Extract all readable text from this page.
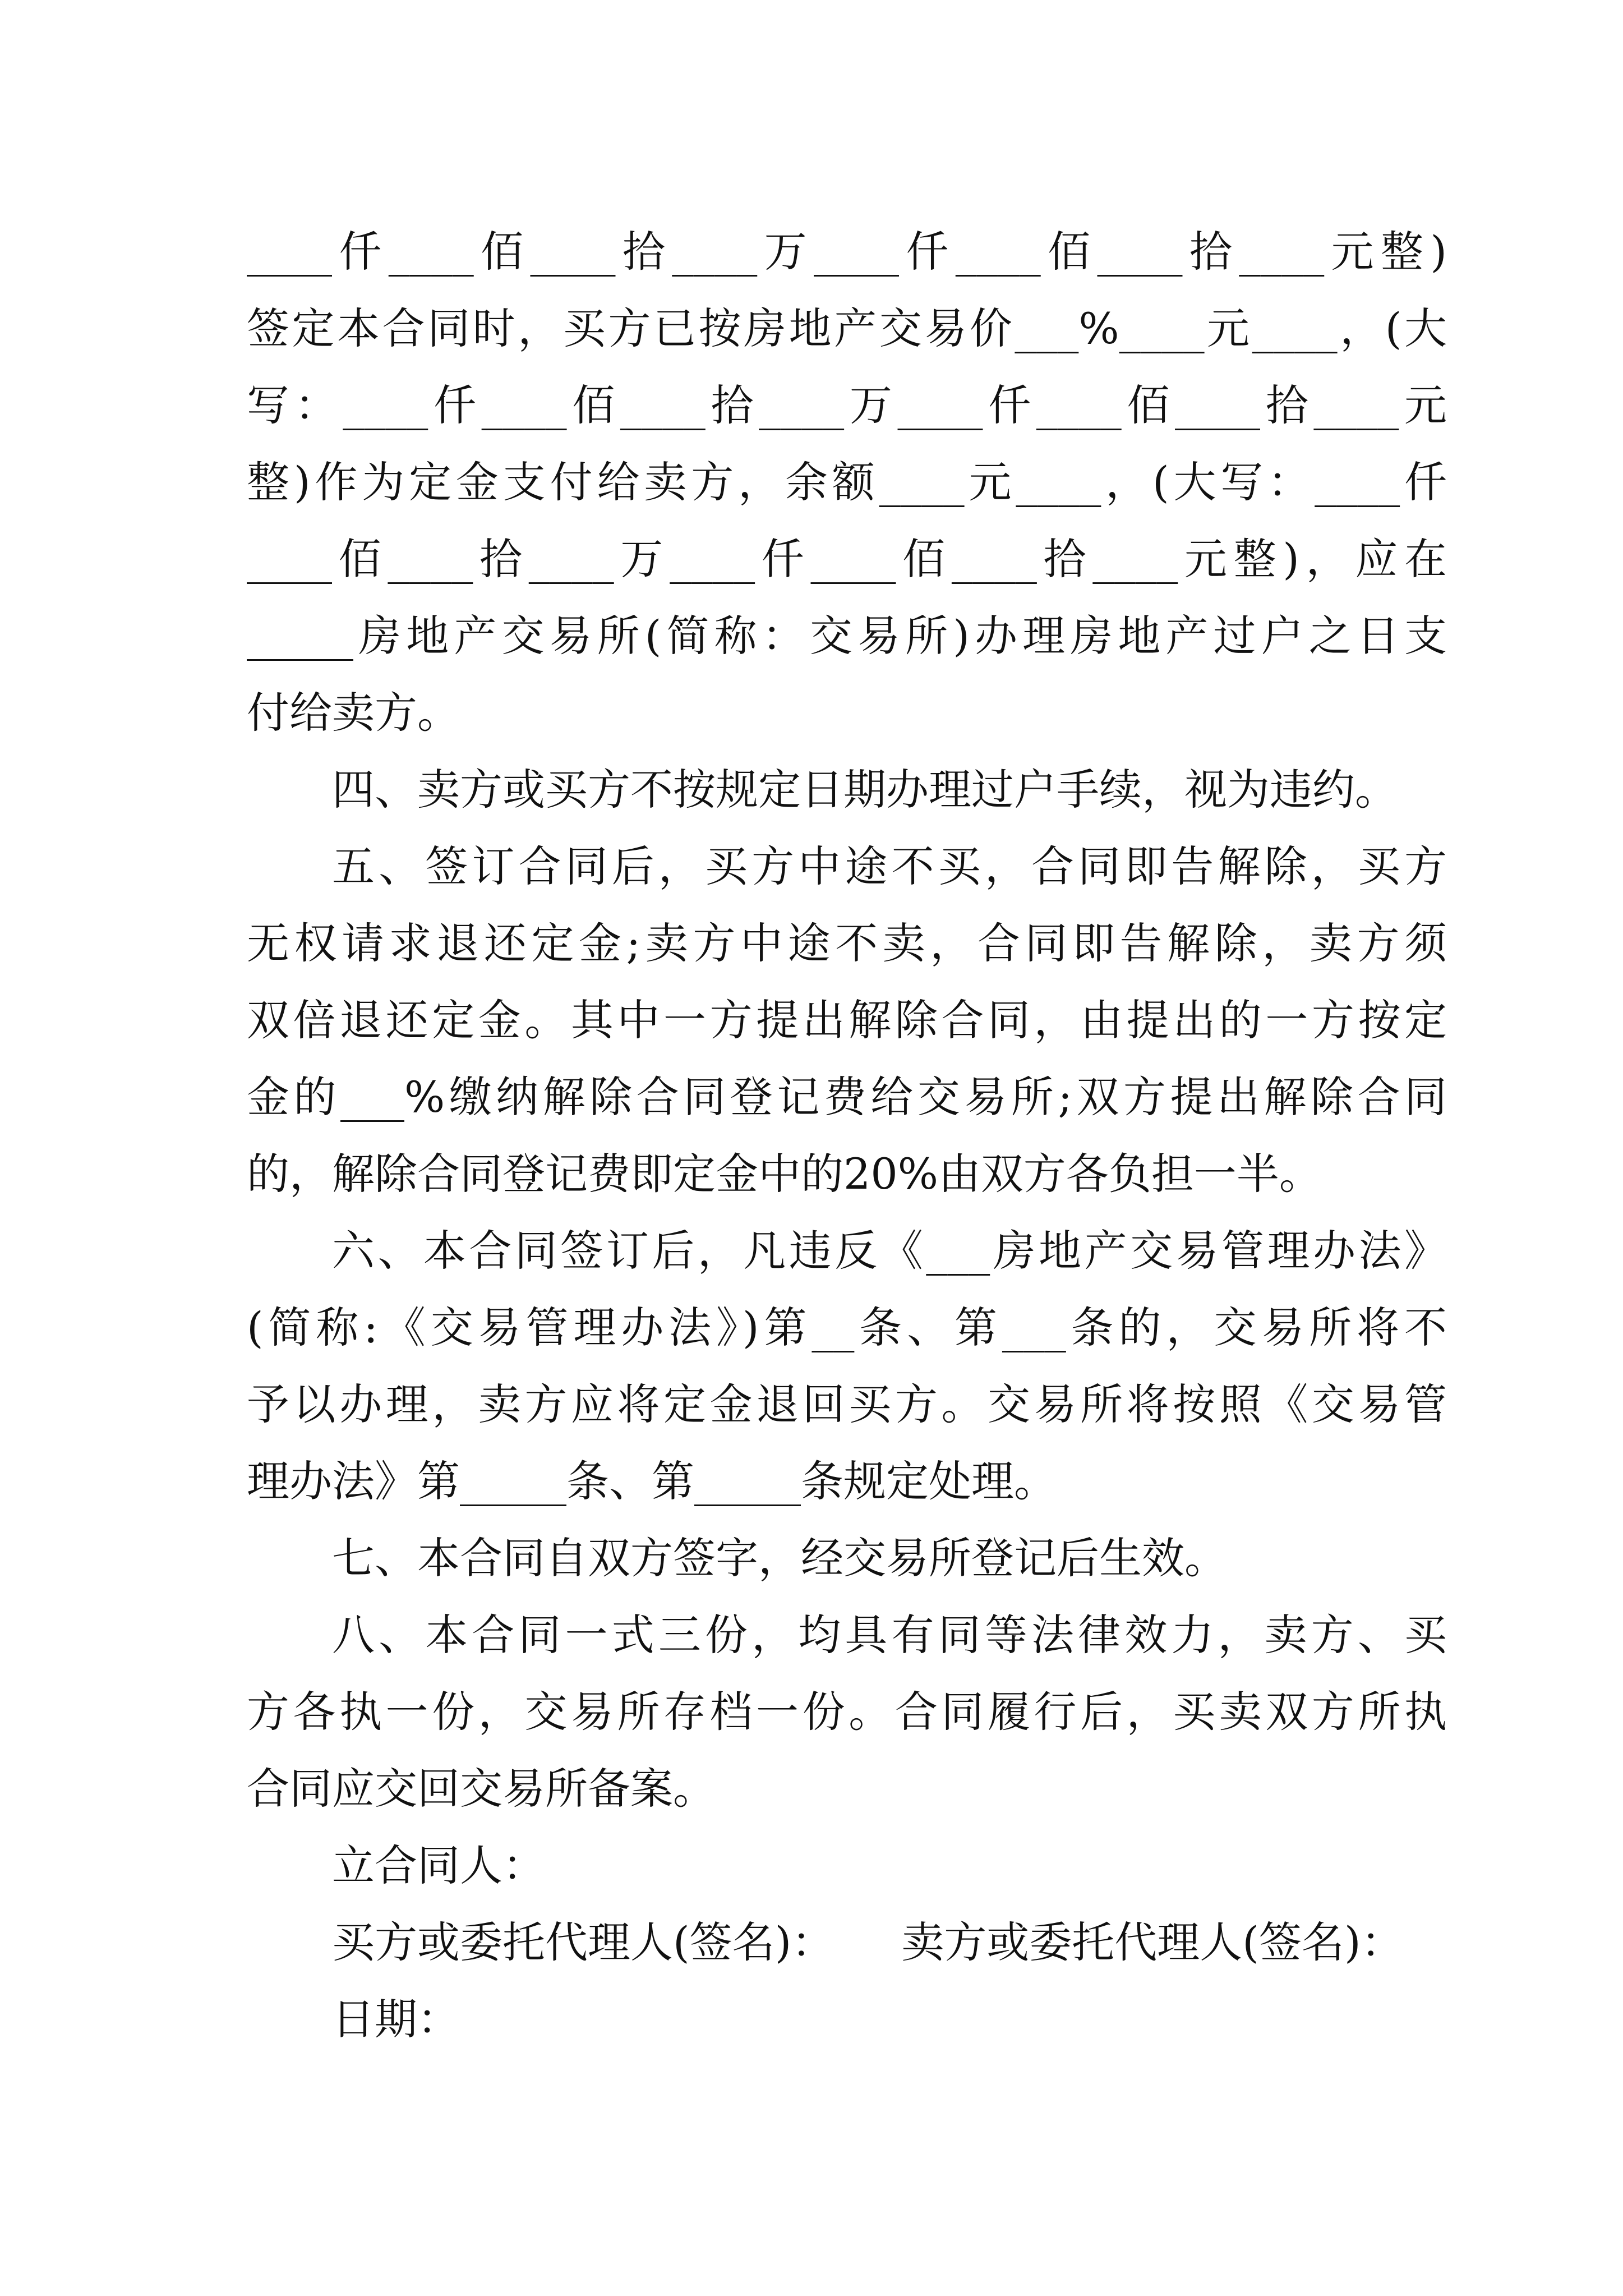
____仟____佰____拾____万____仟____佰____拾____元整)
签定本合同时，买方已按房地产交易价___%____元____，(大
写：____仟____佰____拾____万____仟____佰____拾____元
整)作为定金支付给卖方，余额____元____，(大写：____仟
____佰____拾____万____仟____佰____拾____元整)，应在
_____房地产交易所(简称：交易所)办理房地产过户之日支
付给卖方。
四、卖方或买方不按规定日期办理过户手续，视为违约。
五、签订合同后，买方中途不买，合同即告解除，买方
无权请求退还定金;卖方中途不卖，合同即告解除，卖方须
双倍退还定金。其中一方提出解除合同，由提出的一方按定
金的___%缴纳解除合同登记费给交易所;双方提出解除合同
的，解除合同登记费即定金中的20%由双方各负担一半。
六、本合同签订后，凡违反《___房地产交易管理办法》
(简称:《交易管理办法》)第__条、第___条的，交易所将不
予以办理，卖方应将定金退回买方。交易所将按照《交易管
理办法》第_____条、第_____条规定处理。
七、本合同自双方签字，经交易所登记后生效。
八、本合同一式三份，均具有同等法律效力，卖方、买
方各执一份，交易所存档一份。合同履行后，买卖双方所执
合同应交回交易所备案。
立合同人：
买方或委托代理人(签名)： 卖方或委托代理人(签名)：
日期：
